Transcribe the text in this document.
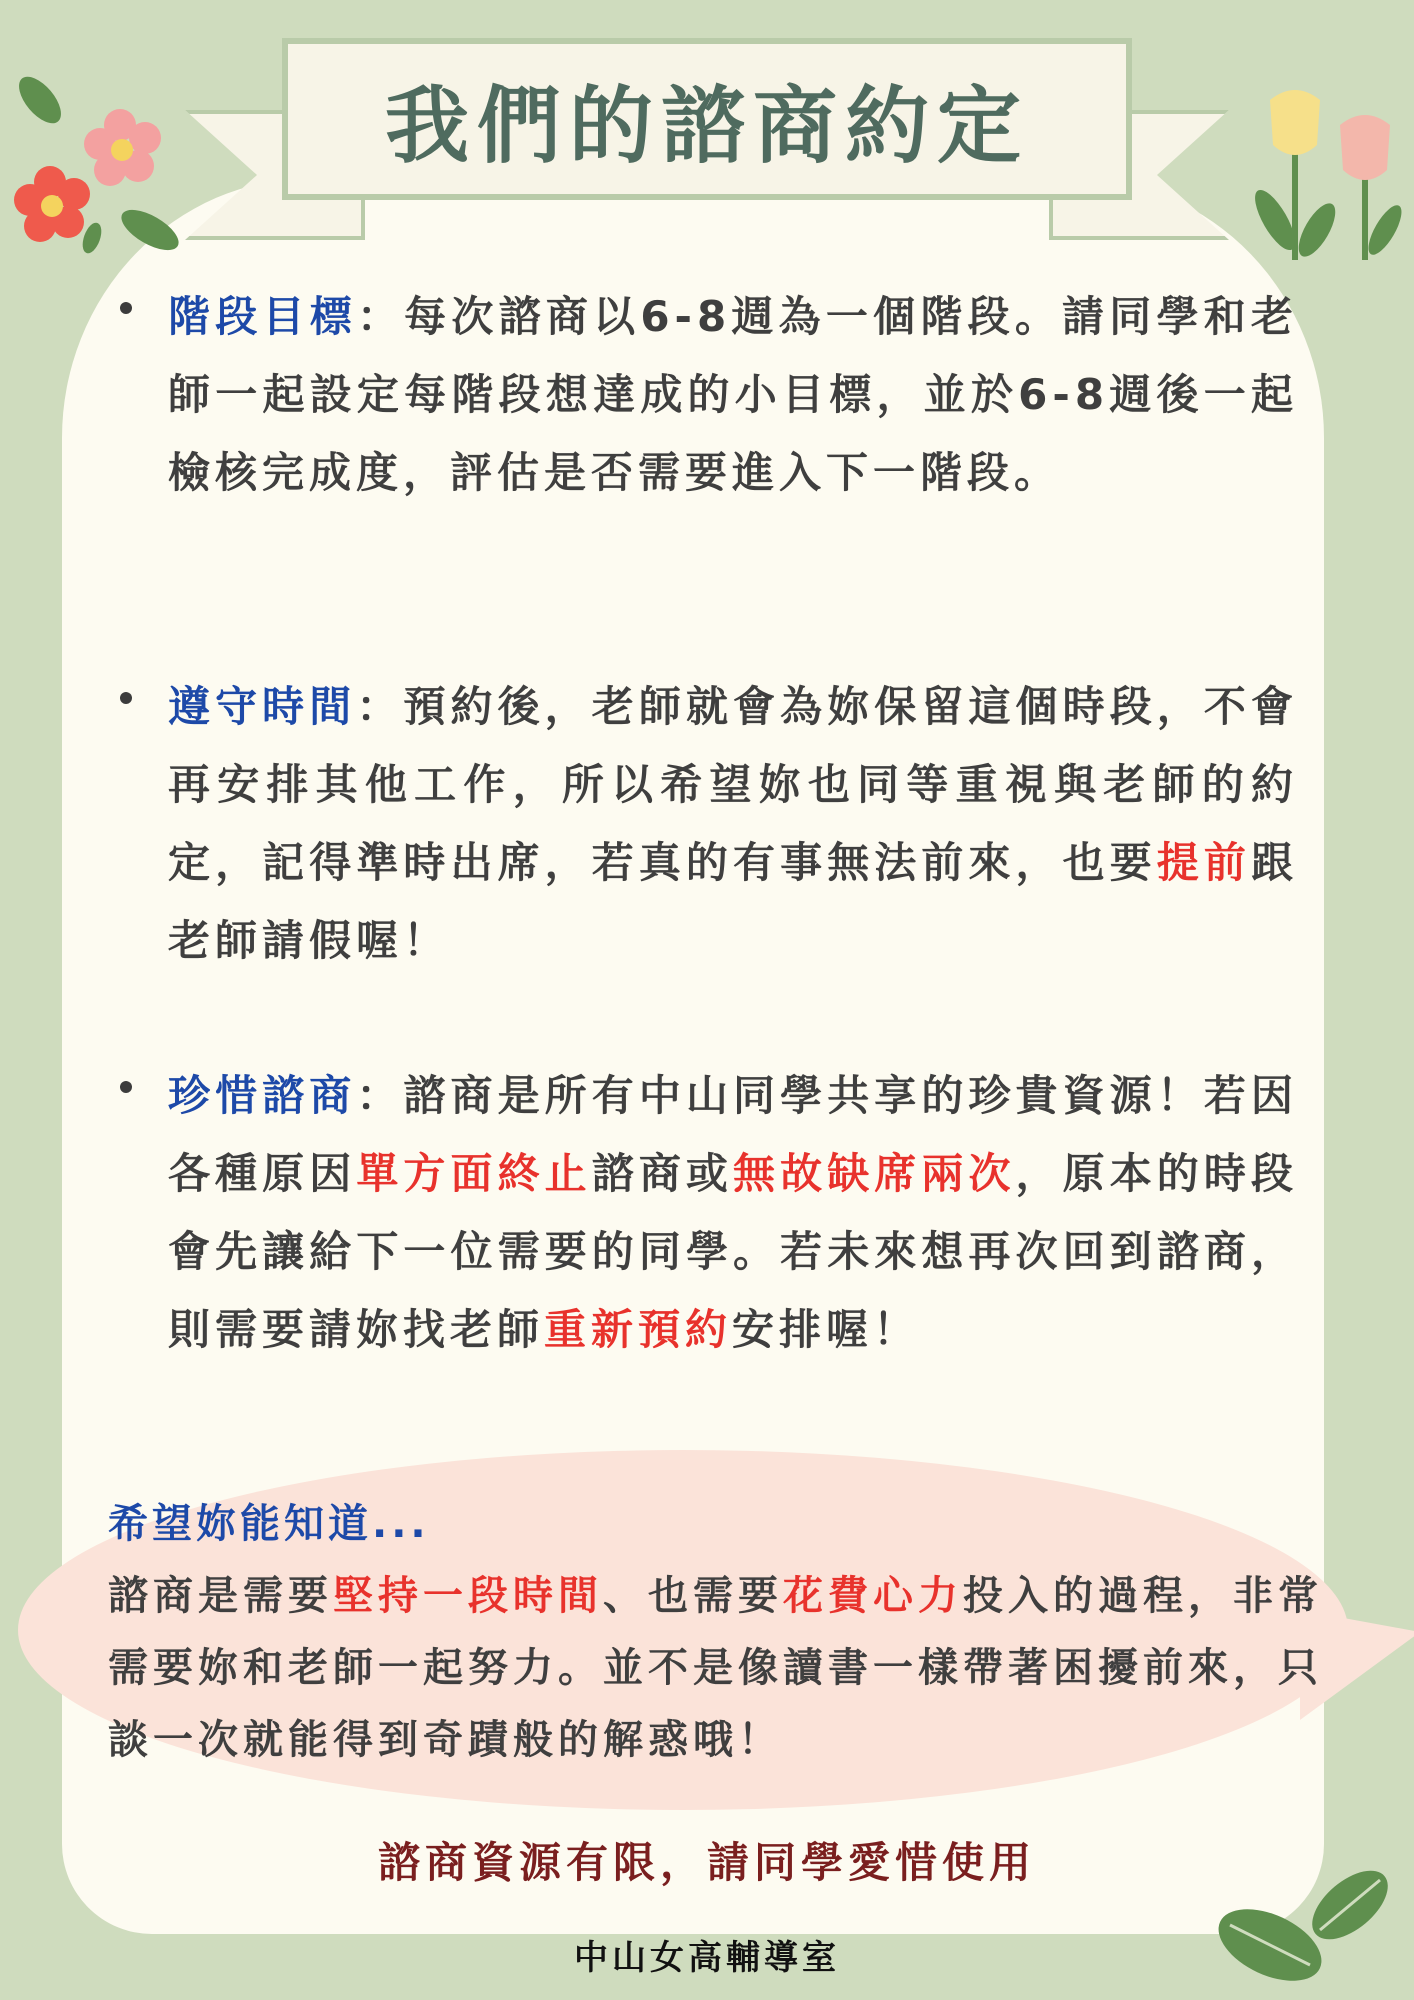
我們的諮商約定
階段目標：每次諮商以6-8週為一個階段。請同學和老師一起設定每階段想達成的小目標，並於6-8週後一起檢核完成度，評估是否需要進入下一階段。
遵守時間：預約後，老師就會為妳保留這個時段，不會再安排其他工作，所以希望妳也同等重視與老師的約定，記得準時出席，若真的有事無法前來，也要提前跟老師請假喔！
珍惜諮商：諮商是所有中山同學共享的珍貴資源！若因各種原因單方面終止諮商或無故缺席兩次，原本的時段會先讓給下一位需要的同學。若未來想再次回到諮商，則需要請妳找老師重新預約安排喔！
希望妳能知道...
諮商是需要堅持一段時間、也需要花費心力投入的過程，非常需要妳和老師一起努力。並不是像讀書一樣帶著困擾前來，只談一次就能得到奇蹟般的解惑哦！
諮商資源有限，請同學愛惜使用
中山女高輔導室
